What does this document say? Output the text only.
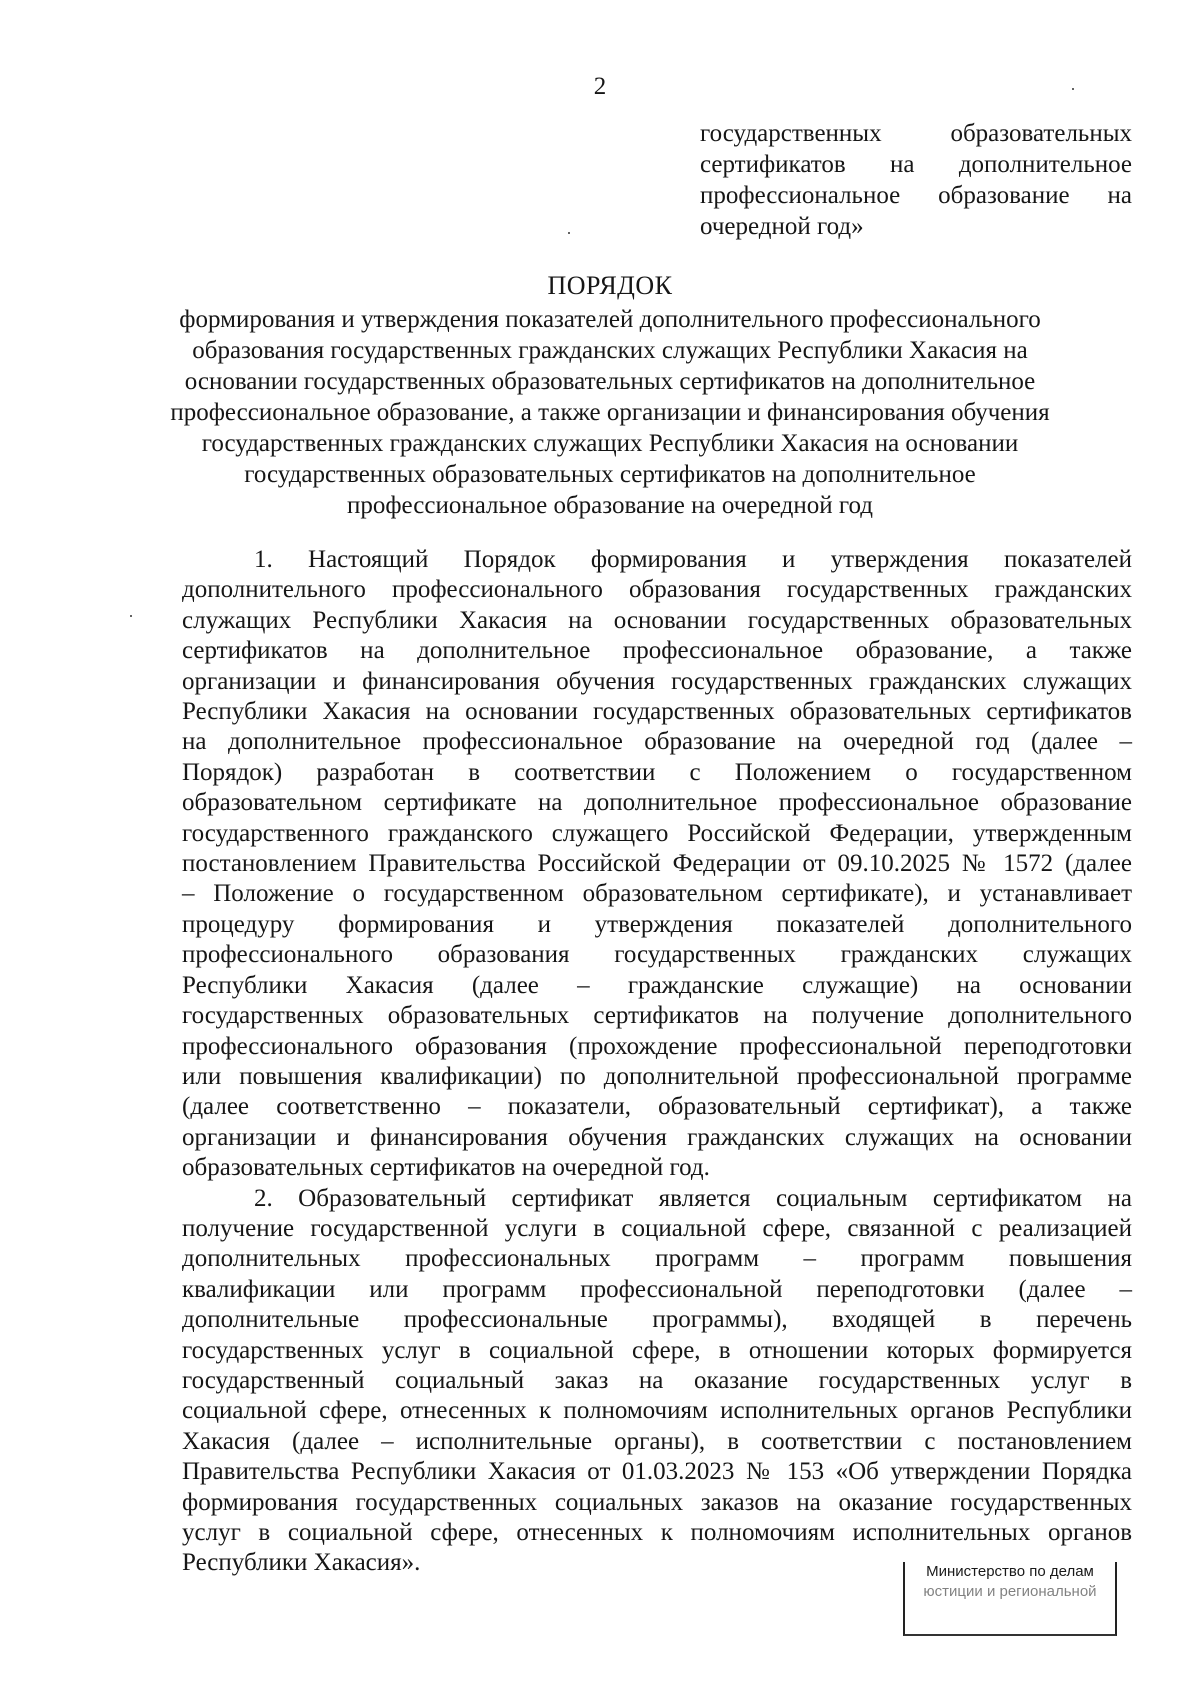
2
государственных образовательных
сертификатов на дополнительное
профессиональное образование на
очередной год»
ПОРЯДОК
формирования и утверждения показателей дополнительного профессионального
образования государственных гражданских служащих Республики Хакасия на
основании государственных образовательных сертификатов на дополнительное
профессиональное образование, а также организации и финансирования обучения
государственных гражданских служащих Республики Хакасия на основании
государственных образовательных сертификатов на дополнительное
профессиональное образование на очередной год
1. Настоящий Порядок формирования и утверждения показателей
дополнительного профессионального образования государственных гражданских
служащих Республики Хакасия на основании государственных образовательных
сертификатов на дополнительное профессиональное образование, а также
организации и финансирования обучения государственных гражданских служащих
Республики Хакасия на основании государственных образовательных сертификатов
на дополнительное профессиональное образование на очередной год (далее –
Порядок) разработан в соответствии с Положением о государственном
образовательном сертификате на дополнительное профессиональное образование
государственного гражданского служащего Российской Федерации, утвержденным
постановлением Правительства Российской Федерации от 09.10.2025 № 1572 (далее
– Положение о государственном образовательном сертификате), и устанавливает
процедуру формирования и утверждения показателей дополнительного
профессионального образования государственных гражданских служащих
Республики Хакасия (далее – гражданские служащие) на основании
государственных образовательных сертификатов на получение дополнительного
профессионального образования (прохождение профессиональной переподготовки
или повышения квалификации) по дополнительной профессиональной программе
(далее соответственно – показатели, образовательный сертификат), а также
организации и финансирования обучения гражданских служащих на основании
образовательных сертификатов на очередной год.
2. Образовательный сертификат является социальным сертификатом на
получение государственной услуги в социальной сфере, связанной с реализацией
дополнительных профессиональных программ – программ повышения
квалификации или программ профессиональной переподготовки (далее –
дополнительные профессиональные программы), входящей в перечень
государственных услуг в социальной сфере, в отношении которых формируется
государственный социальный заказ на оказание государственных услуг в
социальной сфере, отнесенных к полномочиям исполнительных органов Республики
Хакасия (далее – исполнительные органы), в соответствии с постановлением
Правительства Республики Хакасия от 01.03.2023 № 153 «Об утверждении Порядка
формирования государственных социальных заказов на оказание государственных
услуг в социальной сфере, отнесенных к полномочиям исполнительных органов
Республики Хакасия».	Министерство по делам
юстиции и региональной
